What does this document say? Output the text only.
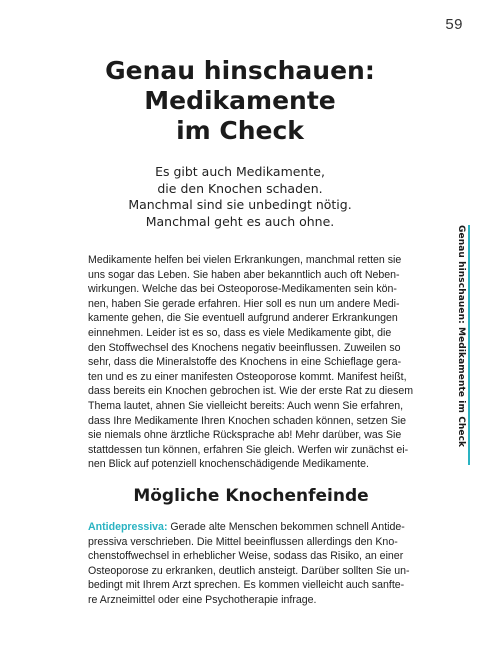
59
Genau hinschauen:
Medikamente
im Check
Es gibt auch Medikamente,
die den Knochen schaden.
Manchmal sind sie unbedingt nötig.
Manchmal geht es auch ohne.
Medikamente helfen bei vielen Erkrankungen, manchmal retten sie
uns sogar das Leben. Sie haben aber bekanntlich auch oft Neben-
wirkungen. Welche das bei Osteoporose-Medikamenten sein kön-
nen, haben Sie gerade erfahren. Hier soll es nun um andere Medi-
kamente gehen, die Sie eventuell aufgrund anderer Erkrankungen
einnehmen. Leider ist es so, dass es viele Medikamente gibt, die
den Stoffwechsel des Knochens negativ beeinflussen. Zuweilen so
sehr, dass die Mineralstoffe des Knochens in eine Schieflage gera-
ten und es zu einer manifesten Osteoporose kommt. Manifest heißt,
dass bereits ein Knochen gebrochen ist. Wie der erste Rat zu diesem
Thema lautet, ahnen Sie vielleicht bereits: Auch wenn Sie erfahren,
dass Ihre Medikamente Ihren Knochen schaden können, setzen Sie
sie niemals ohne ärztliche Rücksprache ab! Mehr darüber, was Sie
stattdessen tun können, erfahren Sie gleich. Werfen wir zunächst ei-
nen Blick auf potenziell knochenschädigende Medikamente.
Mögliche Knochenfeinde
Antidepressiva: Gerade alte Menschen bekommen schnell Antide-
pressiva verschrieben. Die Mittel beeinflussen allerdings den Kno-
chenstoffwechsel in erheblicher Weise, sodass das Risiko, an einer
Osteoporose zu erkranken, deutlich ansteigt. Darüber sollten Sie un-
bedingt mit Ihrem Arzt sprechen. Es kommen vielleicht auch sanfte-
re Arzneimittel oder eine Psychotherapie infrage.
Genau hinschauen: Medikamente im Check
